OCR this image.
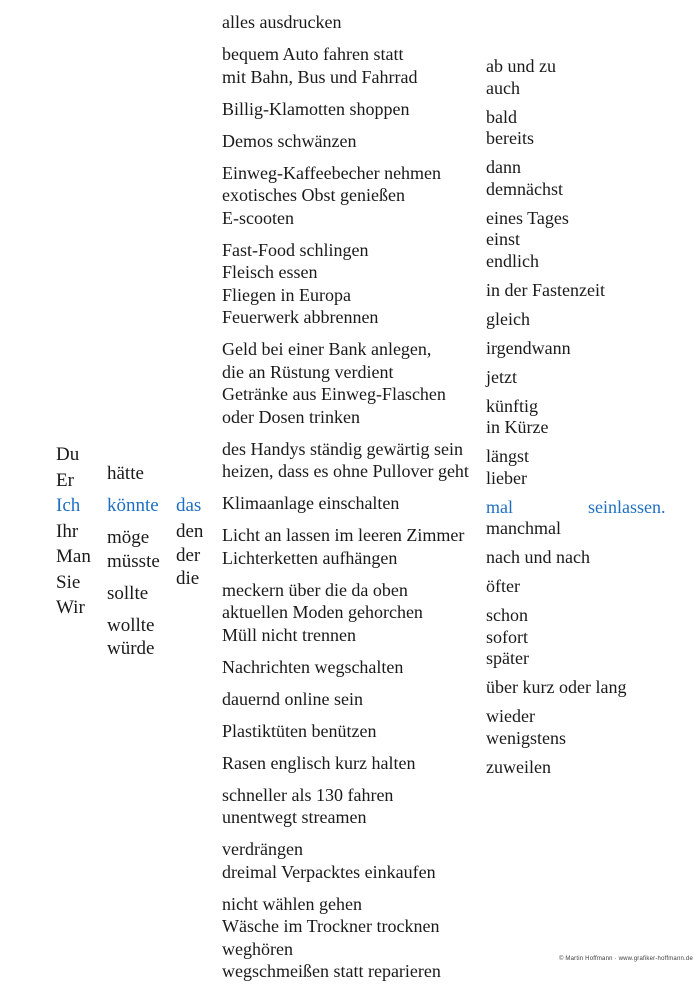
Du
Er
Ich
Ihr
Man
Sie
Wir
hätte
könnte
möge
müsste
sollte
wollte
würde
das
den
der
die
alles ausdrucken
bequem Auto fahren statt
mit Bahn, Bus und Fahrrad
Billig-Klamotten shoppen
Demos schwänzen
Einweg-Kaffeebecher nehmen
exotisches Obst genießen
E-scooten
Fast-Food schlingen
Fleisch essen
Fliegen in Europa
Feuerwerk abbrennen
Geld bei einer Bank anlegen,
die an Rüstung verdient
Getränke aus Einweg-Flaschen
oder Dosen trinken
des Handys ständig gewärtig sein
heizen, dass es ohne Pullover geht
Klimaanlage einschalten
Licht an lassen im leeren Zimmer
Lichterketten aufhängen
meckern über die da oben
aktuellen Moden gehorchen
Müll nicht trennen
Nachrichten wegschalten
dauernd online sein
Plastiktüten benützen
Rasen englisch kurz halten
schneller als 130 fahren
unentwegt streamen
verdrängen
dreimal Verpacktes einkaufen
nicht wählen gehen
Wäsche im Trockner trocknen
weghören
wegschmeißen statt reparieren
ab und zu
auch
bald
bereits
dann
demnächst
eines Tages
einst
endlich
in der Fastenzeit
gleich
irgendwann
jetzt
künftig
in Kürze
längst
lieber
mal	seinlassen.
manchmal
nach und nach
öfter
schon
sofort
später
über kurz oder lang
wieder
wenigstens
zuweilen
© Martin Hoffmann · www.grafiker-hoffmann.de
